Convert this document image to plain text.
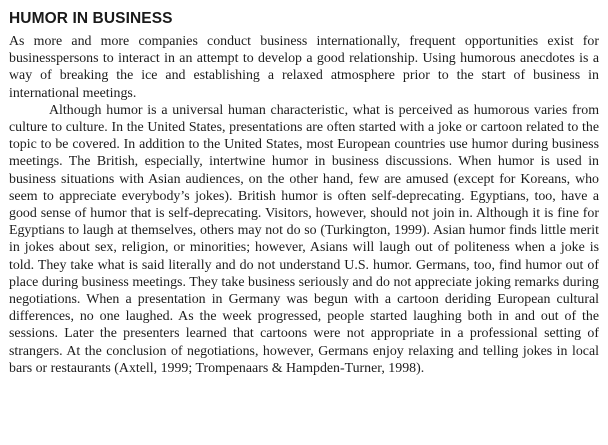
HUMOR IN BUSINESS

As more and more companies conduct business internationally, frequent opportunities exist for businesspersons to interact in an attempt to develop a good relationship. Using humorous anecdotes is a way of breaking the ice and establishing a relaxed atmosphere prior to the start of business in international meetings.

Although humor is a universal human characteristic, what is perceived as humorous varies from culture to culture. In the United States, presentations are often started with a joke or cartoon related to the topic to be covered. In addition to the United States, most European countries use humor during business meetings. The British, especially, intertwine humor in business discussions. When humor is used in business situations with Asian audiences, on the other hand, few are amused (except for Koreans, who seem to appreciate everybody’s jokes). British humor is often self-deprecating. Egyptians, too, have a good sense of humor that is self-deprecating. Visitors, however, should not join in. Although it is fine for Egyptians to laugh at themselves, others may not do so (Turkington, 1999). Asian humor finds little merit in jokes about sex, religion, or minorities; however, Asians will laugh out of politeness when a joke is told. They take what is said literally and do not understand U.S. humor. Germans, too, find humor out of place during business meetings. They take business seriously and do not appreciate joking remarks during negotiations. When a presentation in Germany was begun with a cartoon deriding European cultural differences, no one laughed. As the week progressed, people started laughing both in and out of the sessions. Later the presenters learned that cartoons were not appropriate in a professional setting of strangers. At the conclusion of negotiations, however, Germans enjoy relaxing and telling jokes in local bars or restaurants (Axtell, 1999; Trompenaars & Hampden-Turner, 1998).
